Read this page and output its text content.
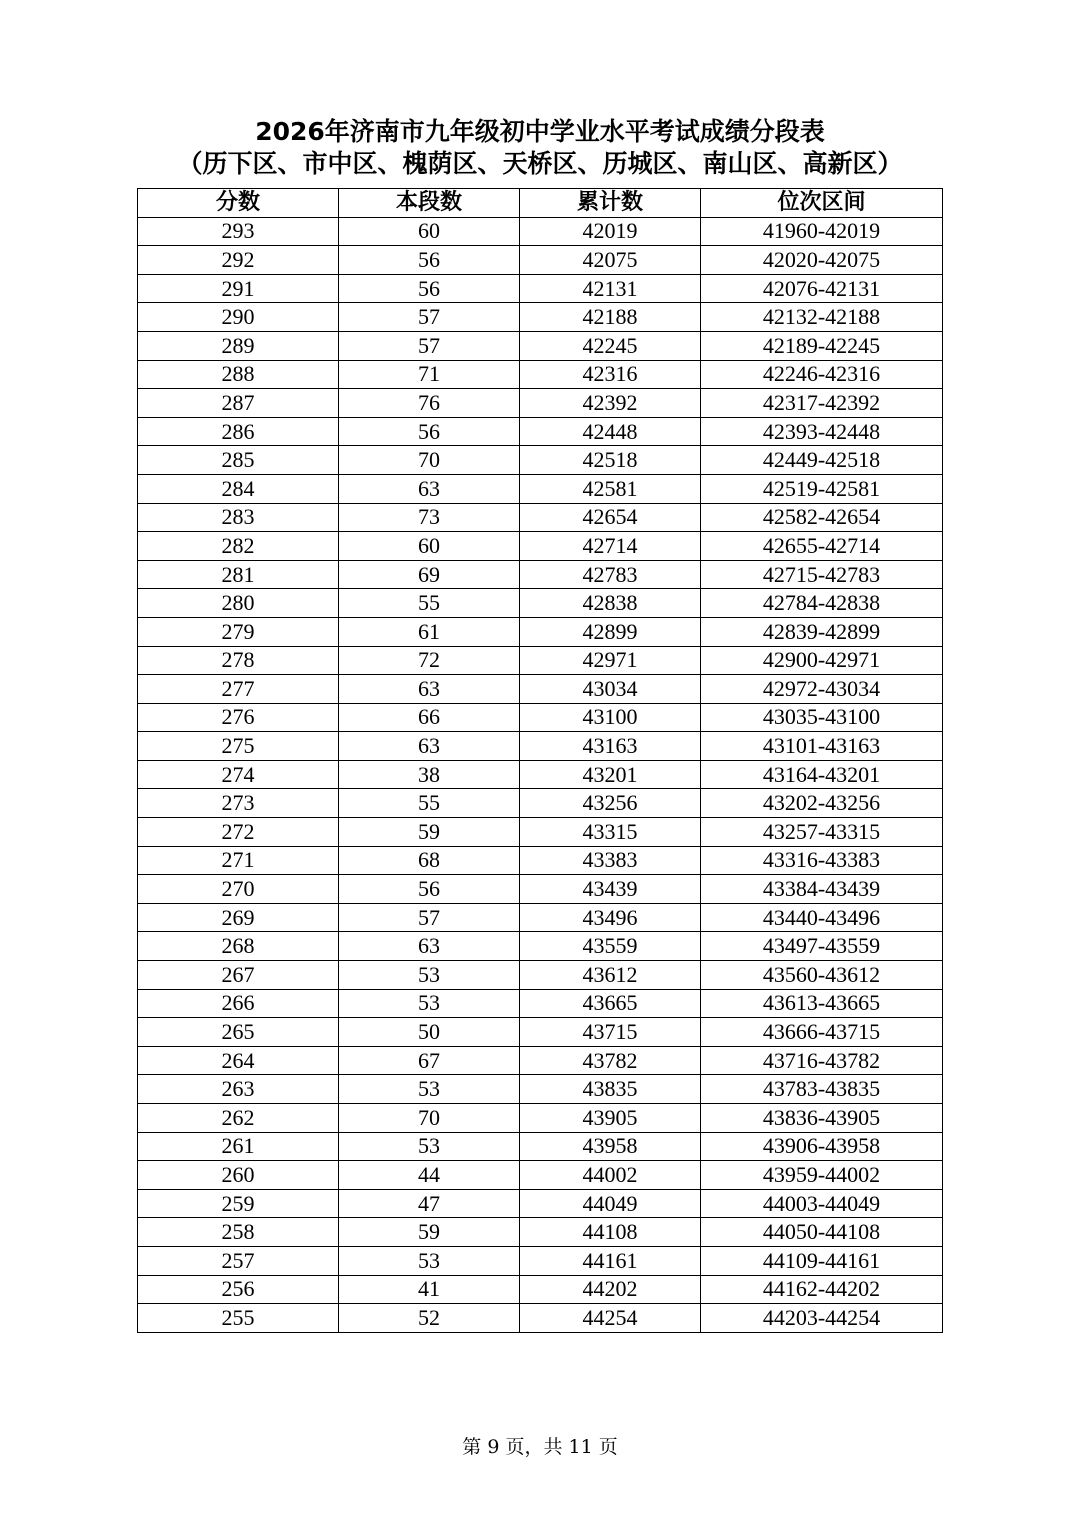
2026年济南市九年级初中学业水平考试成绩分段表
（历下区、市中区、槐荫区、天桥区、历城区、南山区、高新区）
分数	本段数	累计数	位次区间
293	60	42019	41960-42019
292	56	42075	42020-42075
291	56	42131	42076-42131
290	57	42188	42132-42188
289	57	42245	42189-42245
288	71	42316	42246-42316
287	76	42392	42317-42392
286	56	42448	42393-42448
285	70	42518	42449-42518
284	63	42581	42519-42581
283	73	42654	42582-42654
282	60	42714	42655-42714
281	69	42783	42715-42783
280	55	42838	42784-42838
279	61	42899	42839-42899
278	72	42971	42900-42971
277	63	43034	42972-43034
276	66	43100	43035-43100
275	63	43163	43101-43163
274	38	43201	43164-43201
273	55	43256	43202-43256
272	59	43315	43257-43315
271	68	43383	43316-43383
270	56	43439	43384-43439
269	57	43496	43440-43496
268	63	43559	43497-43559
267	53	43612	43560-43612
266	53	43665	43613-43665
265	50	43715	43666-43715
264	67	43782	43716-43782
263	53	43835	43783-43835
262	70	43905	43836-43905
261	53	43958	43906-43958
260	44	44002	43959-44002
259	47	44049	44003-44049
258	59	44108	44050-44108
257	53	44161	44109-44161
256	41	44202	44162-44202
255	52	44254	44203-44254
第 9 页，共 11 页
